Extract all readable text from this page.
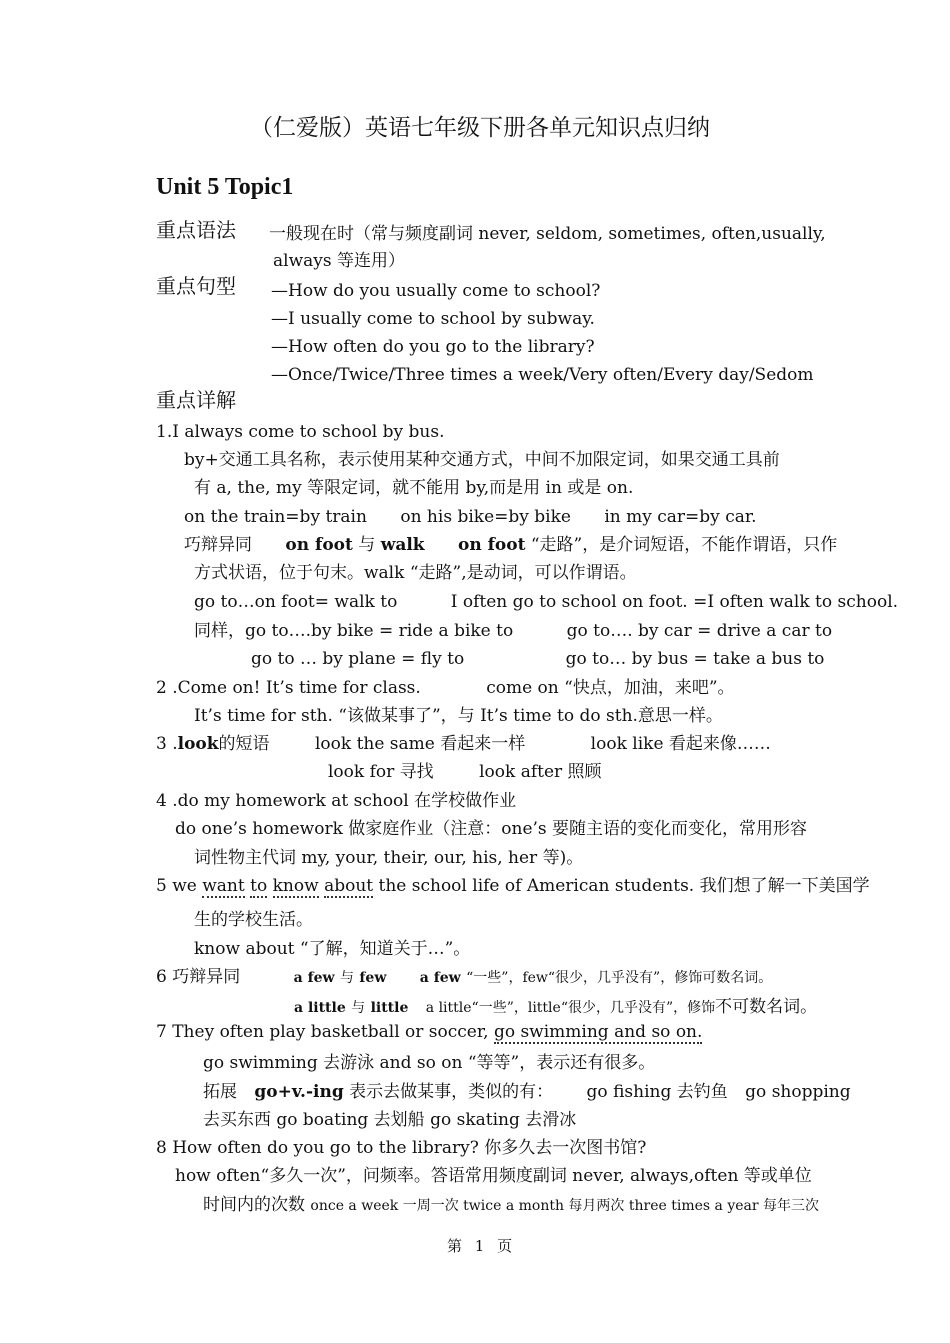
（仁爱版）英语七年级下册各单元知识点归纳
Unit 5 Topic1
重点语法 一般现在时（常与频度副词 never, seldom, sometimes, often,usually,
always 等连用）
重点句型 —How do you usually come to school?
—I usually come to school by subway.
—How often do you go to the library?
—Once/Twice/Three times a week/Very often/Every day/Sedom
重点详解
1.I always come to school by bus.
by+交通工具名称，表示使用某种交通方式，中间不加限定词，如果交通工具前
有 a, the, my 等限定词，就不能用 by,而是用 in 或是 on.
on the train=by train on his bike=by bike in my car=by car.
巧辩异同 on foot 与 walk on foot “走路”，是介词短语，不能作谓语，只作
方式状语，位于句末。walk “走路”,是动词，可以作谓语。
go to…on foot= walk to	I often go to school on foot. =I often walk to school.
同样，go to….by bike = ride a bike to	go to…. by car = drive a car to
go to … by plane = fly to	go to… by bus = take a bus to
2 .Come on! It’s time for class.	come on “快点，加油，来吧”。
It’s time for sth. “该做某事了”，与 It’s time to do sth.意思一样。
3 .look的短语	look the same 看起来一样	look like 看起来像……
look for 寻找	look after 照顾
4 .do my homework at school 在学校做作业
do one’s homework 做家庭作业（注意：one’s 要随主语的变化而变化，常用形容
词性物主代词 my, your, their, our, his, her 等)。
5 we want to know about the school life of American students. 我们想了解一下美国学
生的学校生活。
know about “了解，知道关于…”。
6 巧辩异同	a few 与 few a few “一些”，few“很少，几乎没有”，修饰可数名词。
a little 与 little a little“一些”，little“很少，几乎没有”，修饰不可数名词。
7 They often play basketball or soccer, go swimming and so on.
go swimming 去游泳 and so on “等等”，表示还有很多。
拓展 go+v.-ing 表示去做某事，类似的有： go fishing 去钓鱼 go shopping
去买东西 go boating 去划船 go skating 去滑冰
8 How often do you go to the library? 你多久去一次图书馆?
how often“多久一次”，问频率。答语常用频度副词 never, always,often 等或单位
时间内的次数 once a week 一周一次 twice a month 每月两次 three times a year 每年三次
第 1 页
